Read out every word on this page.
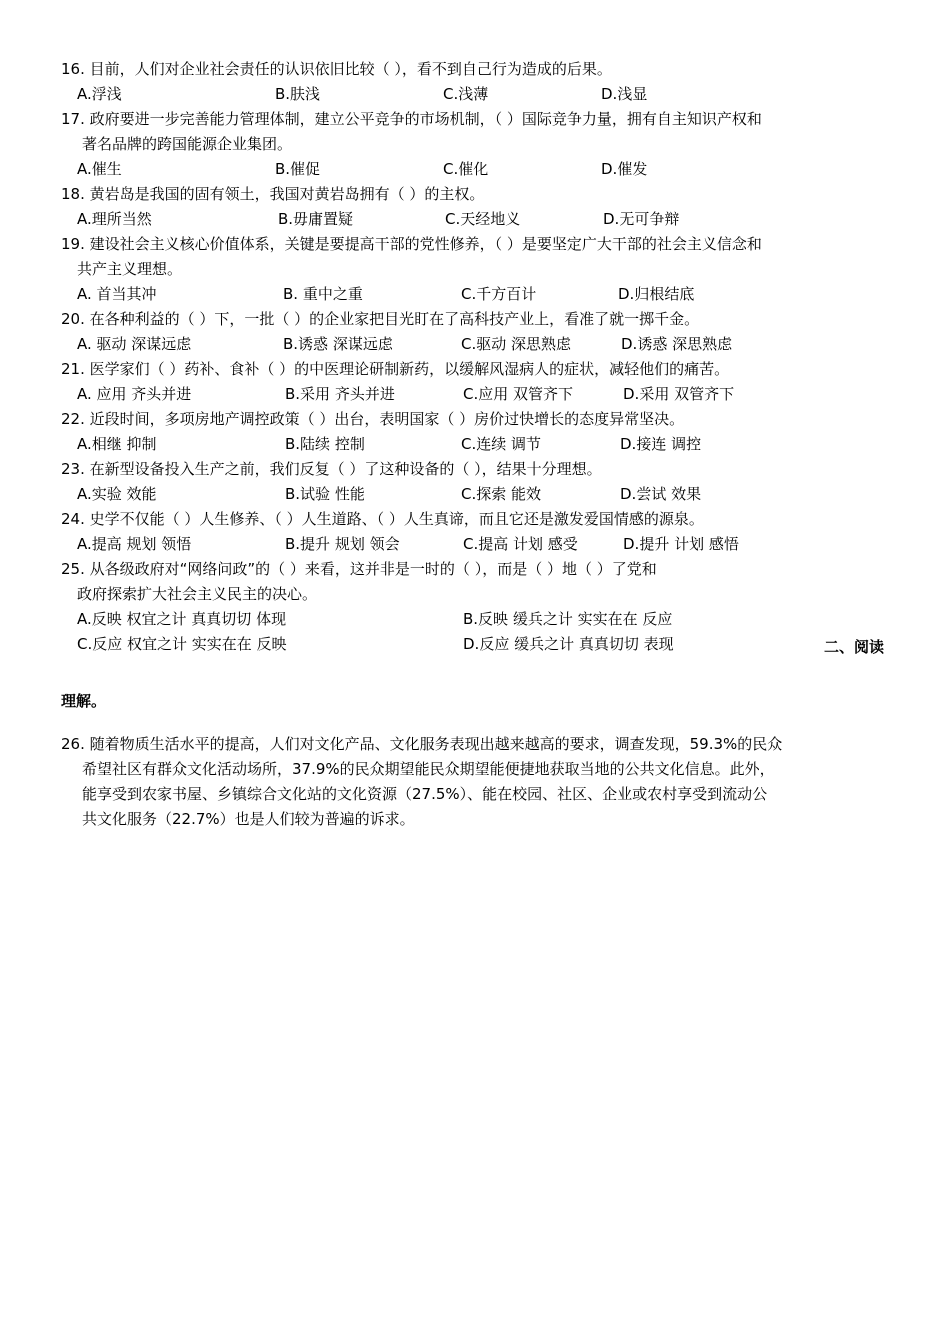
16. 目前，人们对企业社会责任的认识依旧比较（ ），看不到自己行为造成的后果。
A.浮浅	B.肤浅	C.浅薄	D.浅显
17. 政府要进一步完善能力管理体制，建立公平竞争的市场机制，（ ）国际竞争力量，拥有自主知识产权和
著名品牌的跨国能源企业集团。
A.催生	B.催促	C.催化	D.催发
18. 黄岩岛是我国的固有领土，我国对黄岩岛拥有（ ）的主权。
A.理所当然	B.毋庸置疑	C.天经地义	D.无可争辩
19. 建设社会主义核心价值体系，关键是要提高干部的党性修养，（ ）是要坚定广大干部的社会主义信念和
共产主义理想。
A. 首当其冲	B. 重中之重	C.千方百计	D.归根结底
20. 在各种利益的（ ）下，一批（ ）的企业家把目光盯在了高科技产业上，看准了就一掷千金。
A. 驱动 深谋远虑	B.诱惑 深谋远虑	C.驱动 深思熟虑	D.诱惑 深思熟虑
21. 医学家们（ ）药补、食补（ ）的中医理论研制新药，以缓解风湿病人的症状，减轻他们的痛苦。
A. 应用 齐头并进	B.采用 齐头并进	C.应用 双管齐下	D.采用 双管齐下
22. 近段时间，多项房地产调控政策（ ）出台，表明国家（ ）房价过快增长的态度异常坚决。
A.相继 抑制	B.陆续 控制	C.连续 调节	D.接连 调控
23. 在新型设备投入生产之前，我们反复（ ）了这种设备的（ ），结果十分理想。
A.实验 效能	B.试验 性能	C.探索 能效	D.尝试 效果
24. 史学不仅能（ ）人生修养、（ ）人生道路、（ ）人生真谛，而且它还是激发爱国情感的源泉。
A.提高 规划 领悟	B.提升 规划 领会	C.提高 计划 感受	D.提升 计划 感悟
25. 从各级政府对“网络问政”的（ ）来看，这并非是一时的（ ），而是（ ）地（ ）了党和
政府探索扩大社会主义民主的决心。
A.反映 权宜之计 真真切切 体现	B.反映 缓兵之计 实实在在 反应
C.反应 权宜之计 实实在在 反映	D.反应 缓兵之计 真真切切 表现	二、阅读
理解。
26. 随着物质生活水平的提高，人们对文化产品、文化服务表现出越来越高的要求，调查发现，59.3%的民众
希望社区有群众文化活动场所，37.9%的民众期望能民众期望能便捷地获取当地的公共文化信息。此外，
能享受到农家书屋、乡镇综合文化站的文化资源（27.5%）、能在校园、社区、企业或农村享受到流动公
共文化服务（22.7%）也是人们较为普遍的诉求。
